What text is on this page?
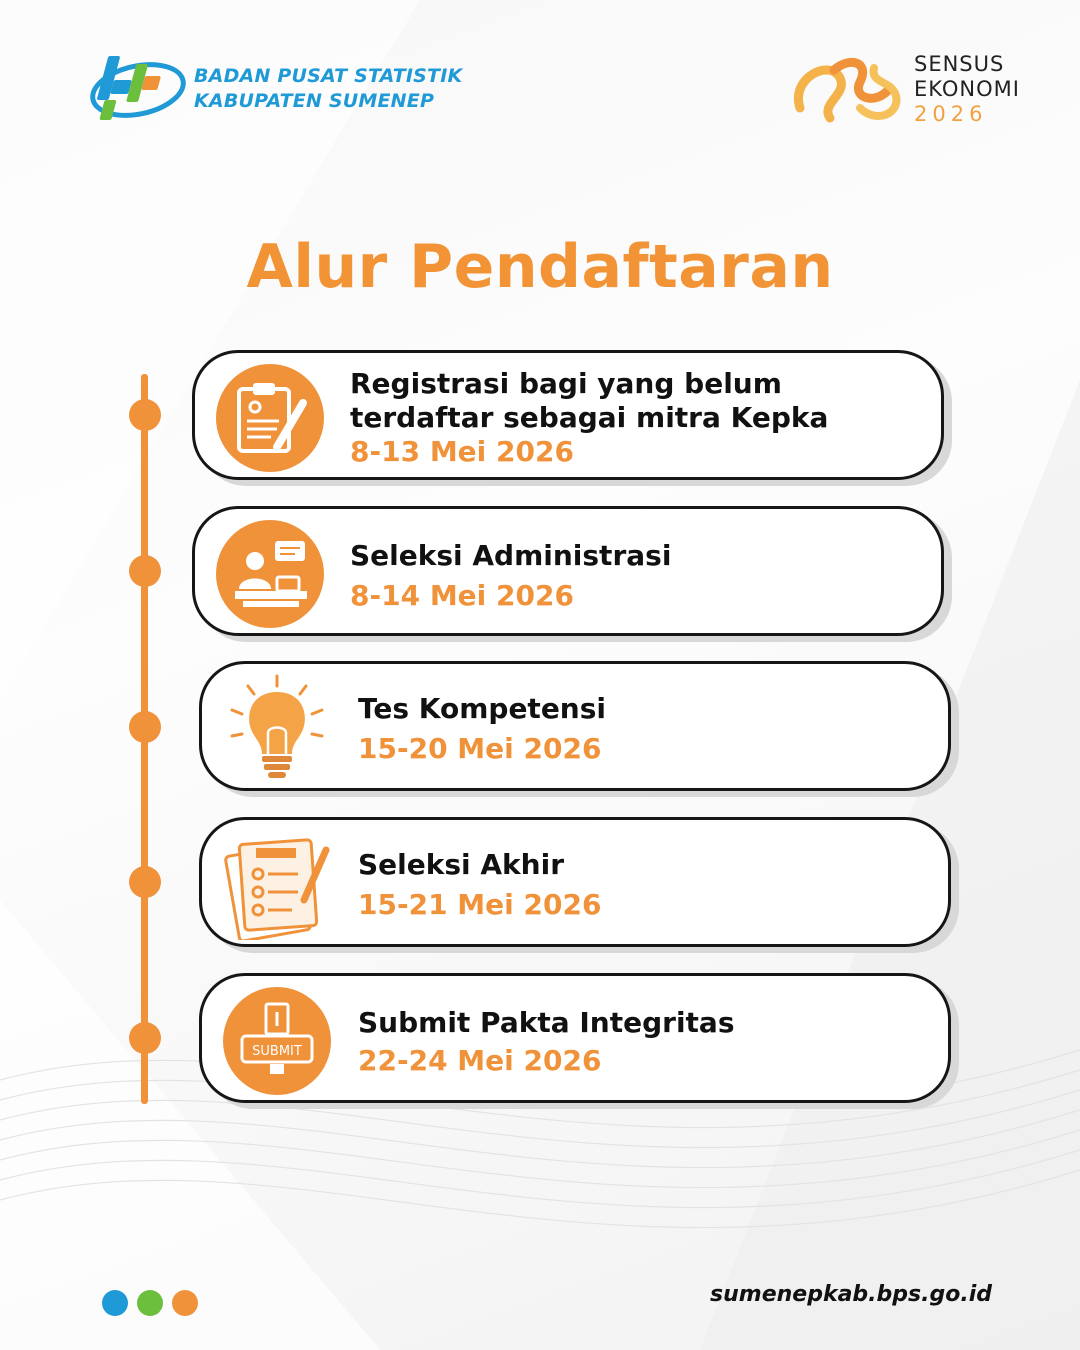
BADAN PUSAT STATISTIK
KABUPATEN SUMENEP
SENSUS
EKONOMI
2026
Alur Pendaftaran
Registrasi bagi yang belum
terdaftar sebagai mitra Kepka
8-13 Mei 2026
Seleksi Administrasi
8-14 Mei 2026
Tes Kompetensi
15-20 Mei 2026
Seleksi Akhir
15-21 Mei 2026
SUBMIT
Submit Pakta Integritas
22-24 Mei 2026
sumenepkab.bps.go.id
